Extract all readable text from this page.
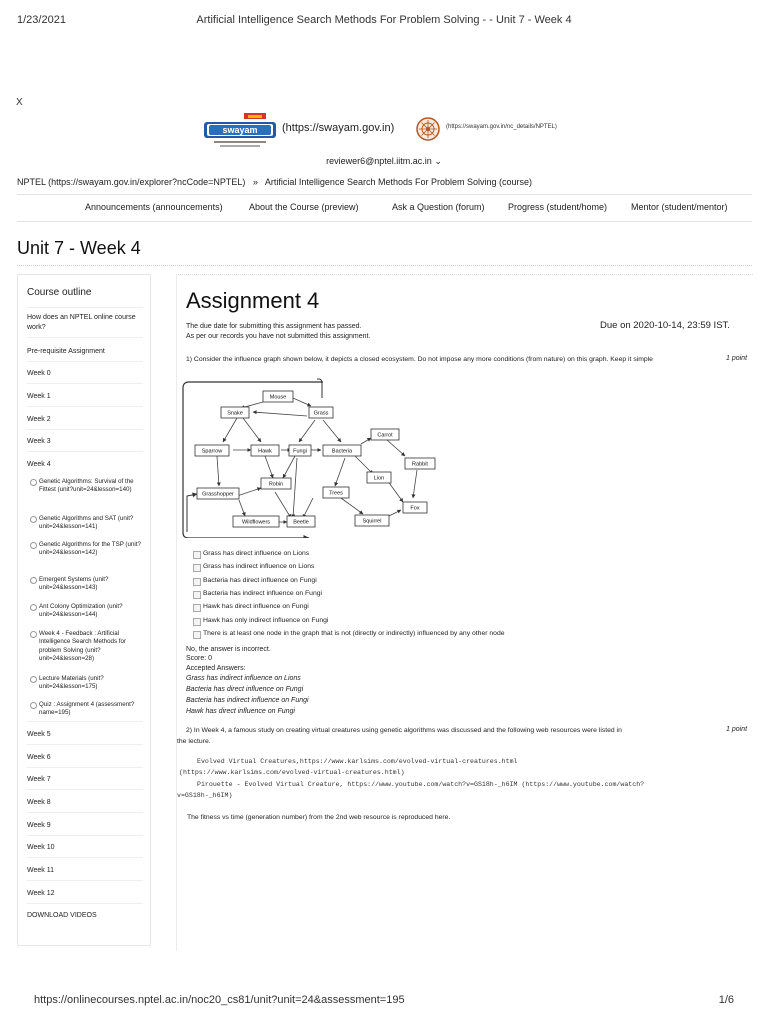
1/23/2021	Artificial Intelligence Search Methods For Problem Solving - - Unit 7 - Week 4
X
swayam (https://swayam.gov.in)	(https://swayam.gov.in/nc_details/NPTEL)
reviewer6@nptel.iitm.ac.in ⌄
NPTEL (https://swayam.gov.in/explorer?ncCode=NPTEL) » Artificial Intelligence Search Methods For Problem Solving (course)
Announcements (announcements)	About the Course (preview)	Ask a Question (forum)	Progress (student/home)	Mentor (student/mentor)
Unit 7 - Week 4
Course outline
How does an NPTEL online course work?
Pre-requisite Assignment
Week 0
Week 1
Week 2
Week 3
Week 4
Genetic Algorithms: Survival of the Fittest (unit?unit=24&lesson=140)
Genetic Algorithms and SAT (unit?unit=24&lesson=141)
Genetic Algorithms for the TSP (unit?unit=24&lesson=142)
Emergent Systems (unit?unit=24&lesson=143)
Ant Colony Optimization (unit?unit=24&lesson=144)
Week 4 - Feedback : Artificial Intelligence Search Methods for problem Solving (unit?unit=24&lesson=28)
Lecture Materials (unit?unit=24&lesson=175)
Quiz : Assignment 4 (assessment?name=195)
Week 5
Week 6
Week 7
Week 8
Week 9
Week 10
Week 11
Week 12
DOWNLOAD VIDEOS
Assignment 4
The due date for submitting this assignment has passed.
As per our records you have not submitted this assignment.
Due on 2020-10-14, 23:59 IST.
1) Consider the influence graph shown below, it depicts a closed ecosystem. Do not impose any more conditions (from nature) on this graph. Keep it simple	1 point
Mouse
Snake	Grass
Carrot
Sparrow	Hawk	Fungi	Bacteria
Rabbit
Lion
Robin
Grasshopper	Trees
Fox
Wildflowers	Beetle	Squirrel
Grass has direct influence on Lions
Grass has indirect influence on Lions
Bacteria has direct influence on Fungi
Bacteria has indirect influence on Fungi
Hawk has direct influence on Fungi
Hawk has only indirect influence on Fungi
There is at least one node in the graph that is not (directly or indirectly) influenced by any other node
No, the answer is incorrect.
Score: 0
Accepted Answers:
Grass has indirect influence on Lions
Bacteria has direct influence on Fungi
Bacteria has indirect influence on Fungi
Hawk has direct influence on Fungi
2) In Week 4, a famous study on creating virtual creatures using genetic algorithms was discussed and the following web resources were listed in	1 point
the lecture.
Evolved Virtual Creatures,https://www.karlsims.com/evolved-virtual-creatures.html
(https://www.karlsims.com/evolved-virtual-creatures.html)
Pirouette - Evolved Virtual Creature, https://www.youtube.com/watch?v=GS18h-_h6IM (https://www.youtube.com/watch?
v=GS18h-_h6IM)
The fitness vs time (generation number) from the 2nd web resource is reproduced here.
https://onlinecourses.nptel.ac.in/noc20_cs81/unit?unit=24&assessment=195	1/6
